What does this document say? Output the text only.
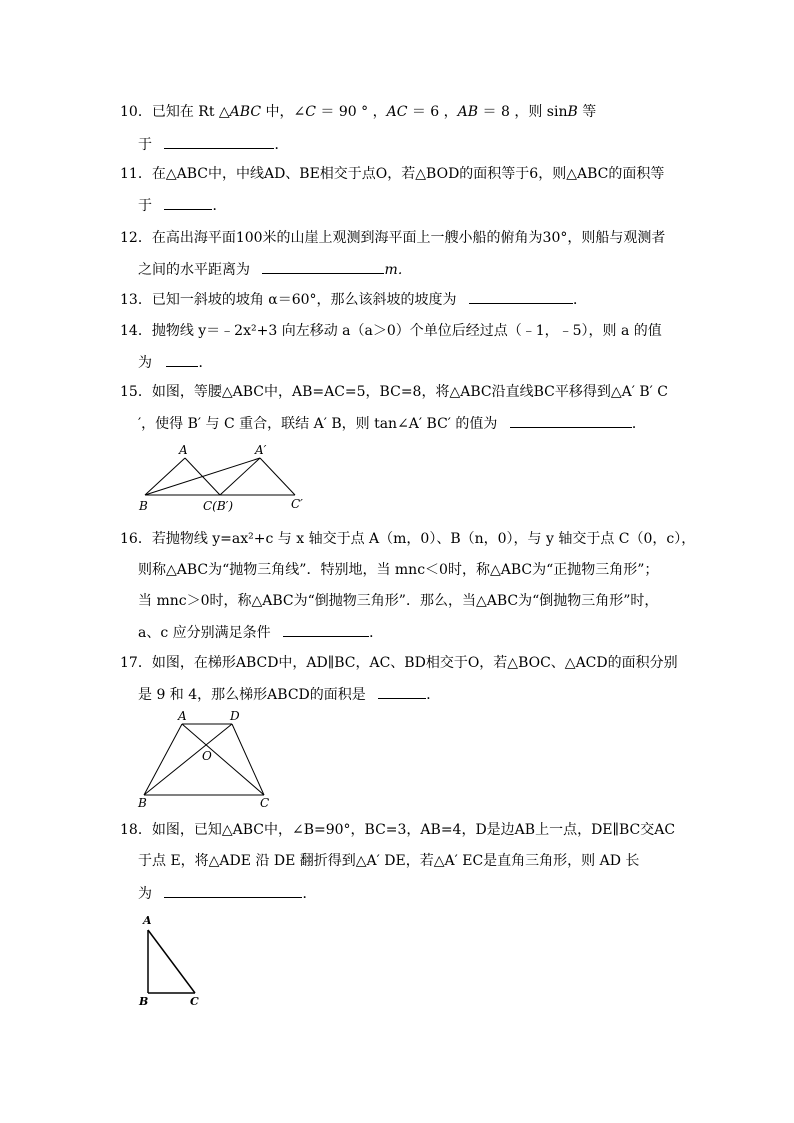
10．已知在 Rt △ABC 中，∠C ＝ 90 ° ，AC ＝ 6 ，AB ＝ 8 ，则 sinB 等
于	．
11．在△ABC中，中线AD、BE相交于点O，若△BOD的面积等于6，则△ABC的面积等
于	．
12．在高出海平面100米的山崖上观测到海平面上一艘小船的俯角为30°，则船与观测者
之间的水平距离为	m．
13．已知一斜坡的坡角 α＝60°，那么该斜坡的坡度为	．
14．抛物线 y＝﹣2x²+3 向左移动 a（a＞0）个单位后经过点（﹣1，﹣5），则 a 的值
为	．
15．如图，等腰△ABC中，AB=AC=5，BC=8，将△ABC沿直线BC平移得到△A′ B′ C
′，使得 B′ 与 C 重合，联结 A′ B，则 tan∠A′ BC′ 的值为	．
A	A′
B	C(B′)	C′
16．若抛物线 y=ax²+c 与 x 轴交于点 A（m，0）、B（n，0），与 y 轴交于点 C（0，c），
则称△ABC为“抛物三角线”．特别地，当 mnc＜0时，称△ABC为“正抛物三角形”；
当 mnc＞0时，称△ABC为“倒抛物三角形”．那么，当△ABC为“倒抛物三角形”时，
a、c 应分别满足条件	．
17．如图，在梯形ABCD中，AD∥BC，AC、BD相交于O，若△BOC、△ACD的面积分别
是 9 和 4，那么梯形ABCD的面积是	．
A	D
O
B	C
18．如图，已知△ABC中，∠B=90°，BC=3，AB=4，D是边AB上一点，DE∥BC交AC
于点 E，将△ADE 沿 DE 翻折得到△A′ DE，若△A′ EC是直角三角形，则 AD 长
为	．
A
B	C
